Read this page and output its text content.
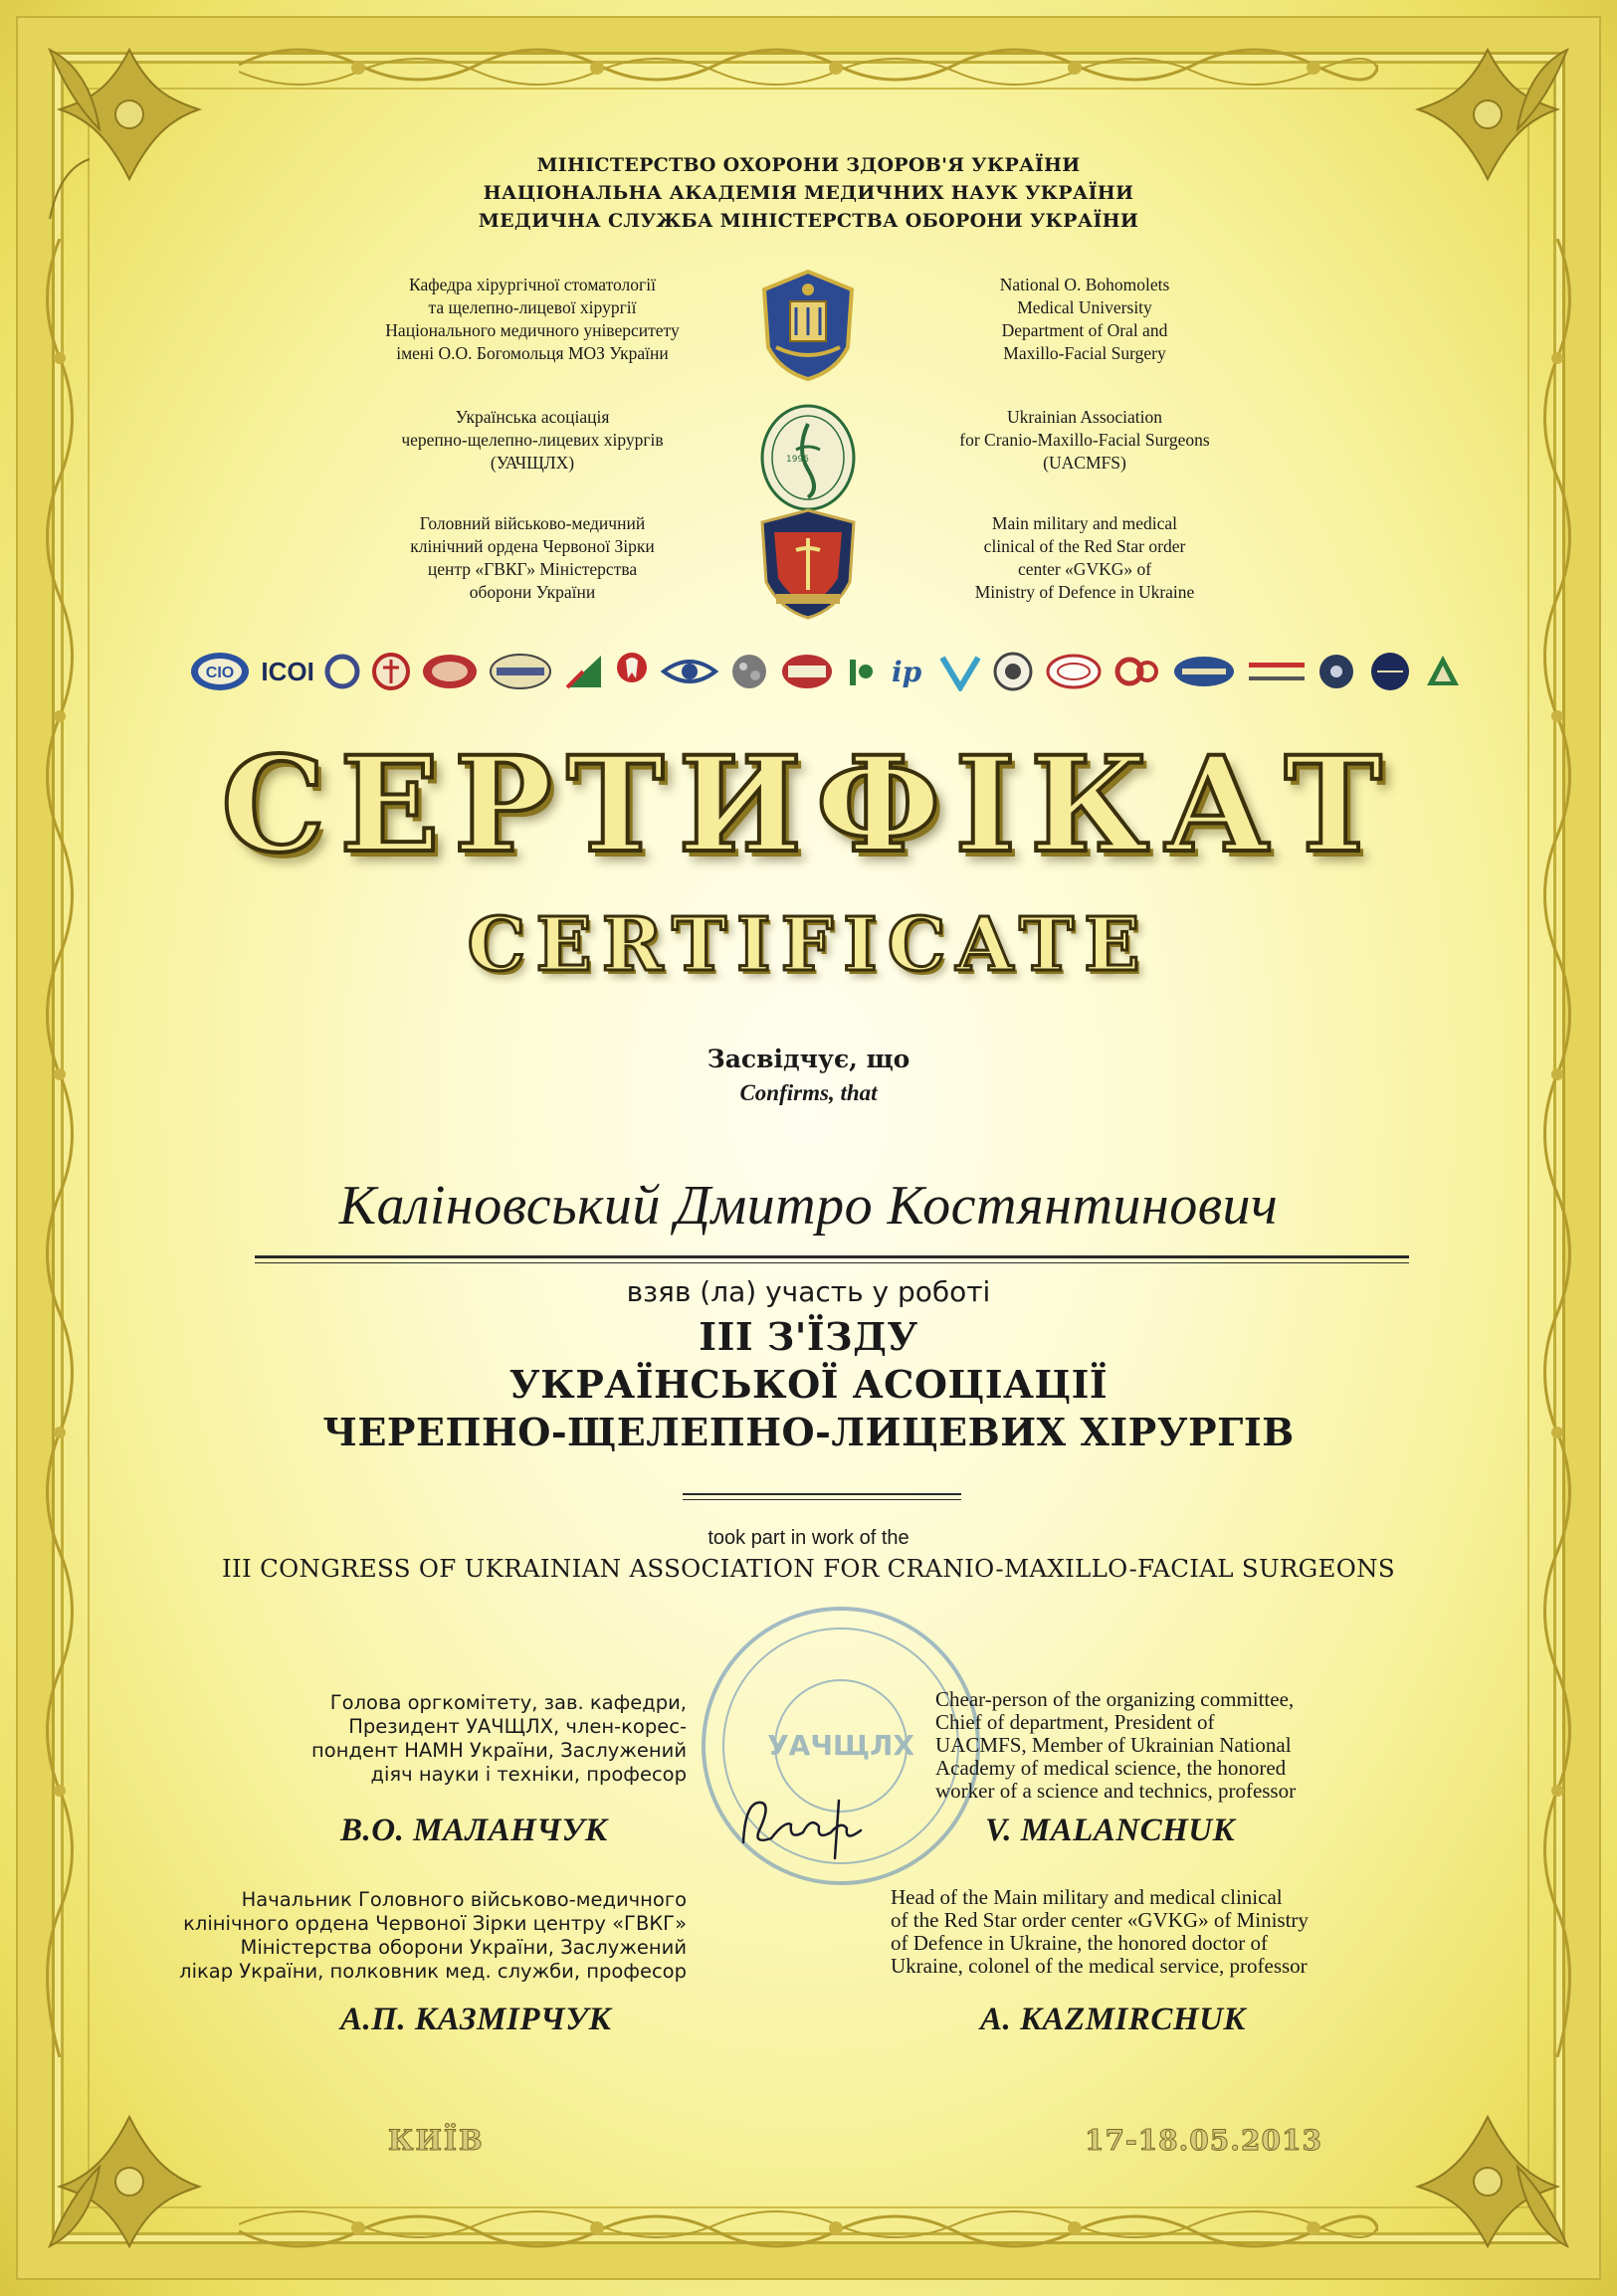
МІНІСТЕРСТВО ОХОРОНИ ЗДОРОВ'Я УКРАЇНИ
НАЦІОНАЛЬНА АКАДЕМІЯ МЕДИЧНИХ НАУК УКРАЇНИ
МЕДИЧНА СЛУЖБА МІНІСТЕРСТВА ОБОРОНИ УКРАЇНИ
Кафедра хірургічної стоматології
та щелепно-лицевої хірургії
Національного медичного університету
імені О.О. Богомольця МОЗ України
National O. Bohomolets
Medical University
Department of Oral and
Maxillo-Facial Surgery
Українська асоціація
черепно-щелепно-лицевих хірургів
(УАЧЩЛХ)	1996
Ukrainian Association
for Cranio-Maxillo-Facial Surgeons
(UACMFS)
Головний військово-медичний
клінічний ордена Червоної Зірки
центр «ГВКГ» Міністерства
оборони України
Main military and medical
clinical of the Red Star order
center «GVKG» of
Ministry of Defence in Ukraine
CIO ICOI	ip
СЕРТИФІКАТ
CERTIFICATE
Засвідчує, що
Confirms, that
Каліновський Дмитро Костянтинович
взяв (ла) участь у роботі
III З'ЇЗДУ
УКРАЇНСЬКОЇ АСОЦІАЦІЇ
ЧЕРЕПНО-ЩЕЛЕПНО-ЛИЦЕВИХ ХІРУРГІВ
took part in work of the
III CONGRESS OF UKRAINIAN ASSOCIATION FOR CRANIO-MAXILLO-FACIAL SURGEONS
УАЧЩЛХ
Голова оргкомітету, зав. кафедри,
Президент УАЧЩЛХ, член-корес-
пондент НАМН України, Заслужений
діяч науки і техніки, професор
Chear-person of the organizing committee,
Chief of department, President of
UACMFS, Member of Ukrainian National
Academy of medical science, the honored
worker of a science and technics, professor
В.О. МАЛАНЧУК	V. MALANCHUK
Начальник Головного військово-медичного
клінічного ордена Червоної Зірки центру «ГВКГ»
Міністерства оборони України, Заслужений
лікар України, полковник мед. служби, професор
Head of the Main military and medical clinical
of the Red Star order center «GVKG» of Ministry
of Defence in Ukraine, the honored doctor of
Ukraine, colonel of the medical service, professor
А.П. КАЗМІРЧУК	A. KAZMIRCHUK
КИЇВ	17-18.05.2013
